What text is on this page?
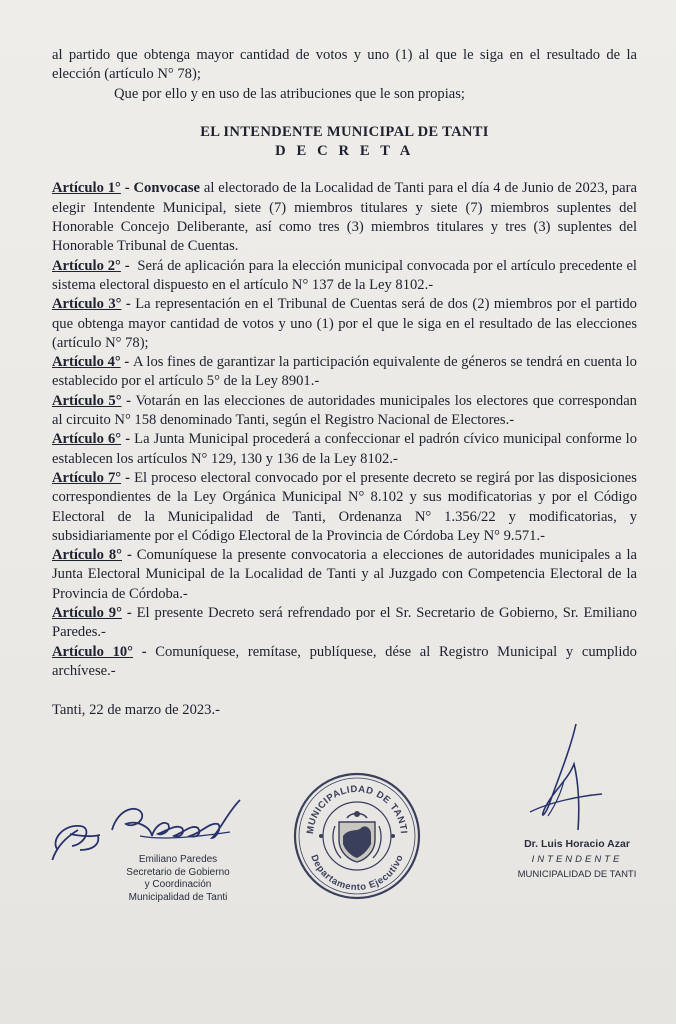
al partido que obtenga mayor cantidad de votos y uno (1) al que le siga en el resultado de la elección (artículo N° 78);

Que por ello y en uso de las atribuciones que le son propias;

EL INTENDENTE MUNICIPAL DE TANTI

D E C R E T A

Artículo 1° - Convocase al electorado de la Localidad de Tanti para el día 4 de Junio de 2023, para elegir Intendente Municipal, siete (7) miembros titulares y siete (7) miembros suplentes del Honorable Concejo Deliberante, así como tres (3) miembros titulares y tres (3) suplentes del Honorable Tribunal de Cuentas.

Artículo 2° -  Será de aplicación para la elección municipal convocada por el artículo precedente el sistema electoral dispuesto en el artículo N° 137 de la Ley 8102.-

Artículo 3° - La representación en el Tribunal de Cuentas será de dos (2) miembros por el partido que obtenga mayor cantidad de votos y uno (1) por el que le siga en el resultado de las elecciones (artículo N° 78);

Artículo 4° - A los fines de garantizar la participación equivalente de géneros se tendrá en cuenta lo establecido por el artículo 5° de la Ley 8901.-

Artículo 5° - Votarán en las elecciones de autoridades municipales los electores que correspondan al circuito N° 158 denominado Tanti, según el Registro Nacional de Electores.-

Artículo 6° - La Junta Municipal procederá a confeccionar el padrón cívico municipal conforme lo establecen los artículos N° 129, 130 y 136 de la Ley 8102.-

Artículo 7° - El proceso electoral convocado por el presente decreto se regirá por las disposiciones correspondientes de la Ley Orgánica Municipal N° 8.102 y sus modificatorias y por el Código Electoral de la Municipalidad de Tanti, Ordenanza N° 1.356/22 y modificatorias, y subsidiariamente por el Código Electoral de la Provincia de Córdoba Ley N° 9.571.-

Artículo 8° - Comuníquese la presente convocatoria a elecciones de autoridades municipales a la Junta Electoral Municipal de la Localidad de Tanti y al Juzgado con Competencia Electoral de la Provincia de Córdoba.-

Artículo 9° - El presente Decreto será refrendado por el Sr. Secretario de Gobierno, Sr. Emiliano Paredes.-

Artículo 10° - Comuníquese, remítase, publíquese, dése al Registro Municipal y cumplido archívese.-

Tanti, 22 de marzo de 2023.-

Emiliano Paredes
Secretario de Gobierno
y Coordinación
Municipalidad de Tanti
MUNICIPALIDAD DE TANTI
Departamento Ejecutivo
Dr. Luis Horacio Azar
INTENDENTE
MUNICIPALIDAD DE TANTI
